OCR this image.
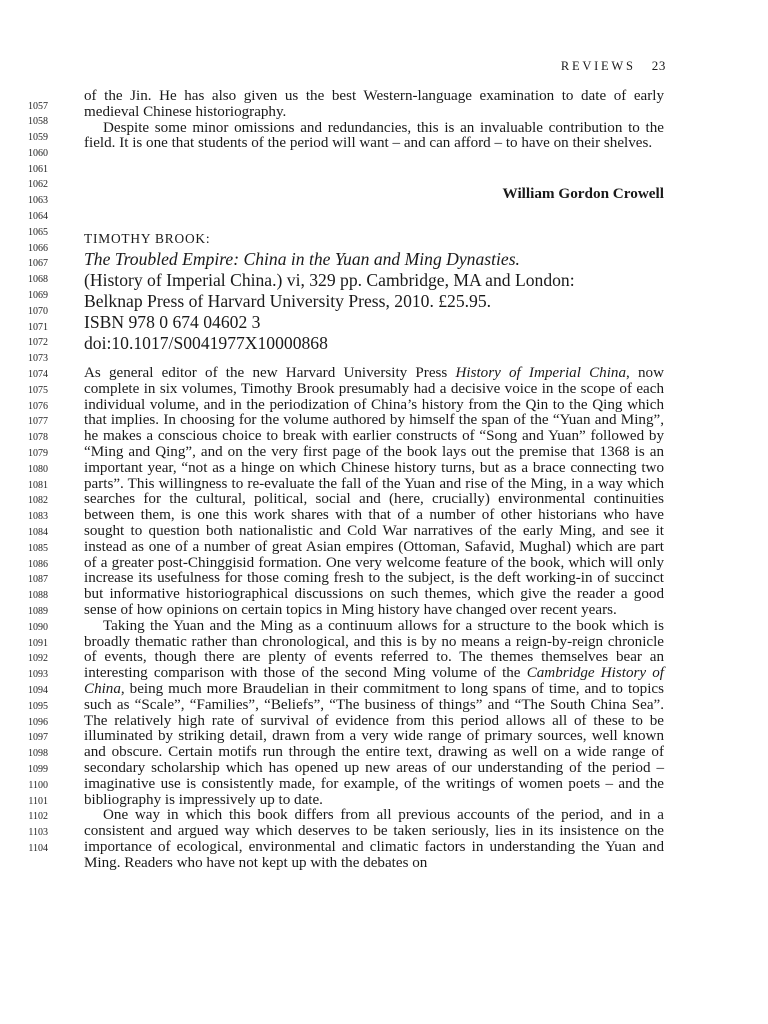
REVIEWS 23
1057
1058
1059
1060
1061
1062
1063
1064
1065
1066
1067
1068
1069
1070
1071
1072
1073
1074
1075
1076
1077
1078
1079
1080
1081
1082
1083
1084
1085
1086
1087
1088
1089
1090
1091
1092
1093
1094
1095
1096
1097
1098
1099
1100
1101
1102
1103
1104

of the Jin. He has also given us the best Western-language examination to date of early medieval Chinese historiography.

Despite some minor omissions and redundancies, this is an invaluable contribution to the field. It is one that students of the period will want – and can afford – to have on their shelves.

William Gordon Crowell
TIMOTHY BROOK:
The Troubled Empire: China in the Yuan and Ming Dynasties.
(History of Imperial China.) vi, 329 pp. Cambridge, MA and London:
Belknap Press of Harvard University Press, 2010. £25.95.
ISBN 978 0 674 04602 3
doi:10.1017/S0041977X10000868

As general editor of the new Harvard University Press History of Imperial China, now complete in six volumes, Timothy Brook presumably had a decisive voice in the scope of each individual volume, and in the periodization of China’s history from the Qin to the Qing which that implies. In choosing for the volume authored by himself the span of the “Yuan and Ming”, he makes a conscious choice to break with earlier constructs of “Song and Yuan” followed by “Ming and Qing”, and on the very first page of the book lays out the premise that 1368 is an important year, “not as a hinge on which Chinese history turns, but as a brace connecting two parts”. This willingness to re-evaluate the fall of the Yuan and rise of the Ming, in a way which searches for the cultural, political, social and (here, crucially) environmental continuities between them, is one this work shares with that of a number of other historians who have sought to question both nationalistic and Cold War narratives of the early Ming, and see it instead as one of a number of great Asian empires (Ottoman, Safavid, Mughal) which are part of a greater post-Chinggisid formation. One very welcome feature of the book, which will only increase its usefulness for those coming fresh to the subject, is the deft working-in of succinct but informative historiographical discussions on such themes, which give the reader a good sense of how opinions on certain topics in Ming history have changed over recent years.

Taking the Yuan and the Ming as a continuum allows for a structure to the book which is broadly thematic rather than chronological, and this is by no means a reign-by-reign chronicle of events, though there are plenty of events referred to. The themes themselves bear an interesting comparison with those of the second Ming volume of the Cambridge History of China, being much more Braudelian in their commitment to long spans of time, and to topics such as “Scale”, “Families”, “Beliefs”, “The business of things” and “The South China Sea”. The relatively high rate of survival of evidence from this period allows all of these to be illuminated by striking detail, drawn from a very wide range of primary sources, well known and obscure. Certain motifs run through the entire text, drawing as well on a wide range of secondary scholarship which has opened up new areas of our understanding of the period – imaginative use is consistently made, for example, of the writings of women poets – and the bibliography is impressively up to date.

One way in which this book differs from all previous accounts of the period, and in a consistent and argued way which deserves to be taken seriously, lies in its insistence on the importance of ecological, environmental and climatic factors in understanding the Yuan and Ming. Readers who have not kept up with the debates on
